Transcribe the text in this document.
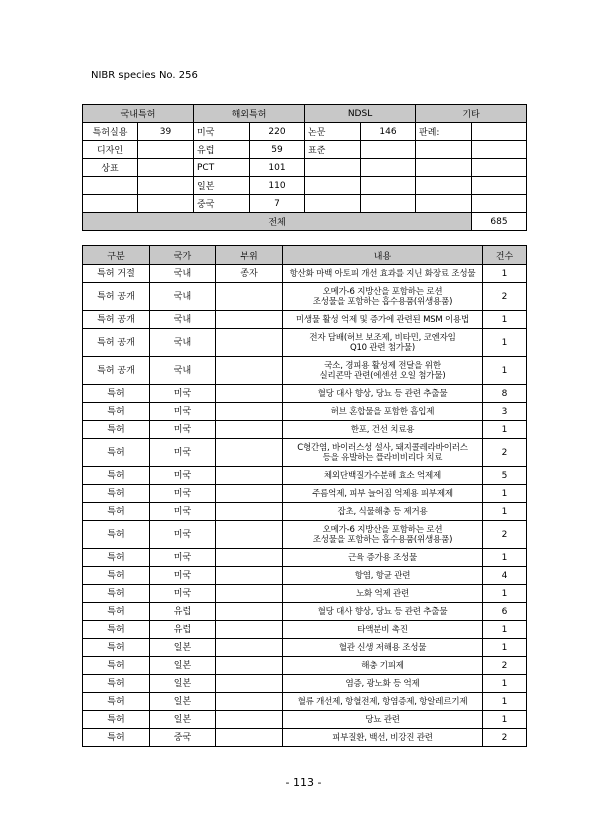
NIBR species No. 256
국내특허		해외특허		NDSL		기타	
특허실용	39	미국	220	논문	146	판례:	
디자인		유럽	59	표준			
상표		PCT	101				
		일본	110				
		중국	7				
전체							685
구분	국가	부위	내용	건수
특허 거절	국내	종자	항산화 마백 아토피 개선 효과를 지닌 화장료 조성물	1
특허 공개	국내		오메가-6 지방산을 포함하는 로션
조성물을 포함하는 흡수용품(위생용품)	2
특허 공개	국내		미생물 활성 억제 및 증가에 관련된 MSM 이용법	1
특허 공개	국내		전자 담배(허브 보조제, 비타민, 코엔자임
Q10 관련 첨가물)	1
특허 공개	국내		국소, 경피용 활성제 전달을 위한
실리콘막 관련(에센션 오일 첨가물)	1
특허	미국		혈당 대사 향상, 당뇨 등 관련 추출물	8
특허	미국		허브 혼합물을 포함한 흡입제	3
특허	미국		한포, 건선 치료용	1
특허	미국		C형간염, 바이러스성 설사, 돼지콜레라바이러스
등을 유발하는 플라비비리다 치료	2
특허	미국		체외단백질가수분해 효소 억제제	5
특허	미국		주름억제, 피부 늘어짐 억제용 피부제제	1
특허	미국		잡초, 식물해충 등 제거용	1
특허	미국		오메가-6 지방산을 포함하는 로션
조성물을 포함하는 흡수용품(위생용품)	2
특허	미국		근육 증가용 조성물	1
특허	미국		항염, 항균 관련	4
특허	미국		노화 억제 관련	1
특허	유럽		혈당 대사 향상, 당뇨 등 관련 추출물	6
특허	유럽		타액분비 촉진	1
특허	일본		혈관 신생 저해용 조성물	1
특허	일본		해충 기피제	2
특허	일본		염증, 광노화 등 억제	1
특허	일본		혈류 개선제, 항혈전제, 항염증제, 항알레르기제	1
특허	일본		당뇨 관련	1
특허	중국		피부질환, 백선, 비강진 관련	2
- 113 -
